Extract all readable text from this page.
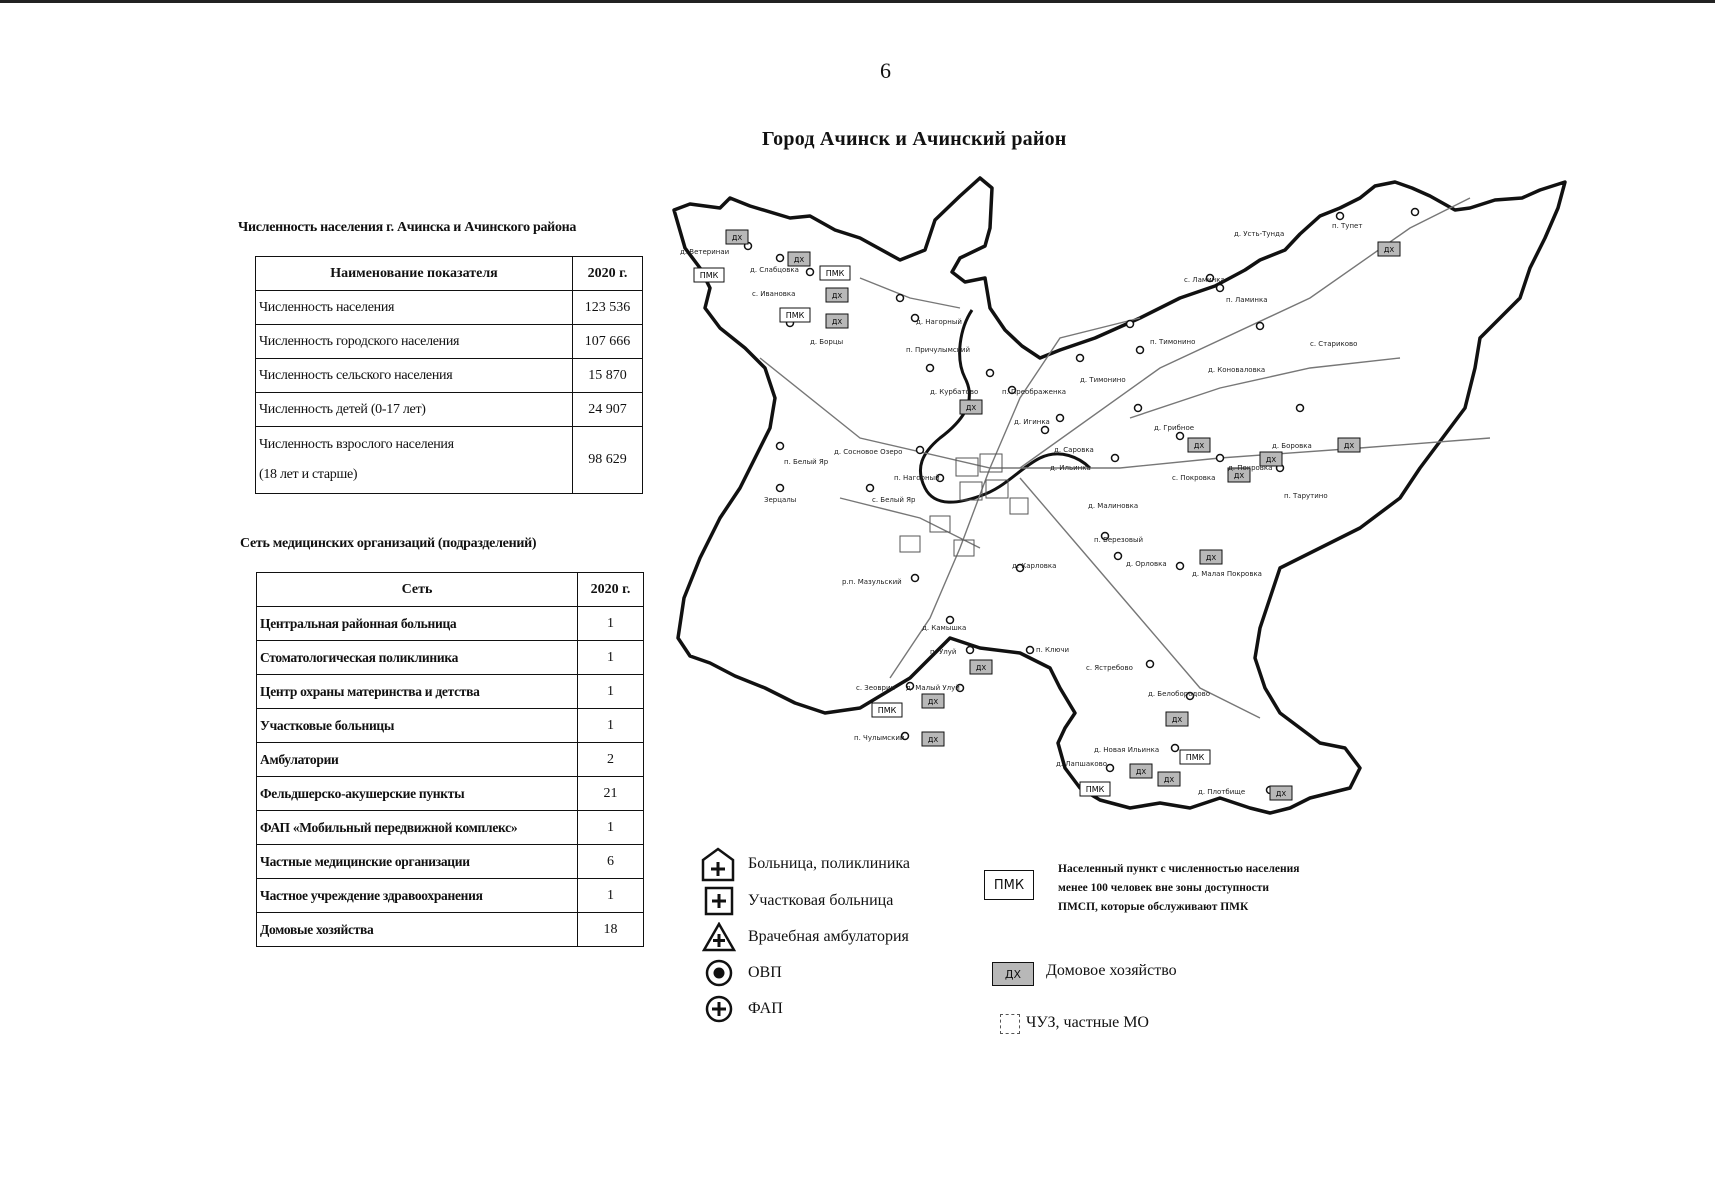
6
Город Ачинск и Ачинский район
Численность населения г. Ачинска и Ачинского района
Наименование показателя	2020 г.
Численность населения	123 536
Численность городского населения	107 666
Численность сельского населения	15 870
Численность детей (0-17 лет)	24 907

Численность взрослого населения
(18 лет и старше)	98 629
Сеть медицинских организаций (подразделений)
Сеть	2020 г.
Центральная районная больница	1
Стоматологическая поликлиника	1
Центр охраны материнства и детства	1
Участковые больницы	1
Амбулатории	2
Фельдшерско-акушерские пункты	21
ФАП «Мобильный передвижной комплекс»	1
Частные медицинские организации	6
Частное учреждение здравоохранения	1
Домовые хозяйства	18
ДХ
ДХ
ДХ
ДХ
ДХ
ДХ
ДХ
ДХ
ДХ
ДХ
ДХ
ДХ
ДХ
ДХ
ДХ
ДХ
ДХ
ДХ
ПМК	ПМК
ПМК
ПМК
ПМК
ПМК
д. Ветеринаи
д. Слабцовка
с. Ивановка
д. Борцы
д. Нагорный
п. Причулымский
д. Курбатово	п. Преображенка
д. Игинка
д. Тимонино
п. Тимонино
д. Коноваловка
с. Стариково
д. Усть-Тунда
п. Тупет
с. Ламинка
п. Ламинка
д. Грибное
д. Боровка
д. Саровка
д. Ильинка
с. Покровка
д. Покровка
п. Тарутино
д. Малиновка
п. Белый Яр
д. Сосновое Озеро
п. Нагорный
Зерцалы	с. Белый Яр
п. Березовый
д. Орловка
д. Малая Покровка
р.п. Мазульский
д. Карловка
д. Камышка
п. Улуй	п. Ключи
с. Ястребово
с. Зеоврин д. Малый Улуй
д. Белобородово
п. Чулымский
д. Новая Ильинка
д. Лапшаково
д. Плотбище
Больница, поликлиника
Участковая больница
Врачебная амбулатория
ОВП
ФАП
ПМК
Населенный пункт с численностью населения менее 100 человек вне зоны доступности ПМСП, которые обслуживают ПМК
ДХ	Домовое хозяйство
ЧУЗ, частные МО
